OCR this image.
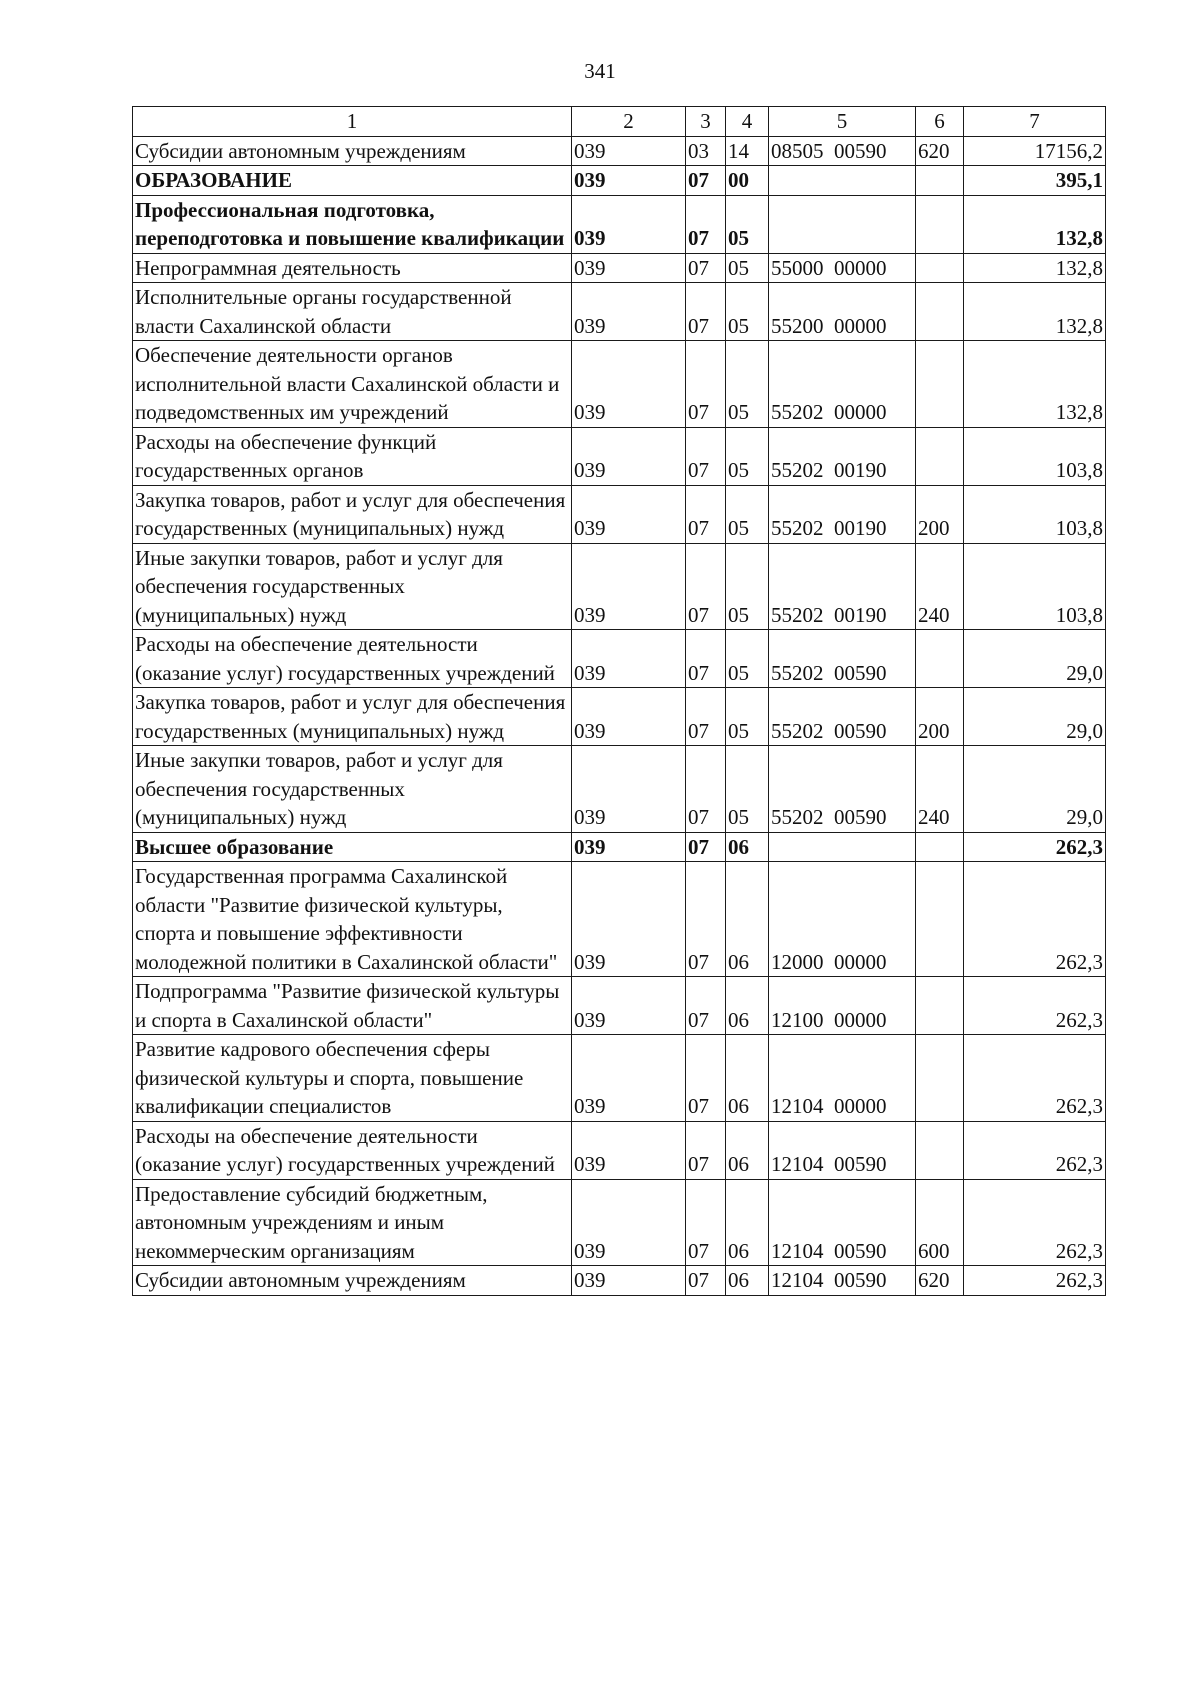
341
1	2	3	4	5	6	7
Субсидии автономным учреждениям	039	03	14	08505  00590	620	17156,2
ОБРАЗОВАНИЕ	039	07	00			395,1
Профессиональная подготовка, переподготовка и повышение квалификации	039	07	05			132,8
Непрограммная деятельность	039	07	05	55000  00000		132,8
Исполнительные органы государственной власти Сахалинской области	039	07	05	55200  00000		132,8
Обеспечение деятельности органов исполнительной власти Сахалинской области и подведомственных им учреждений	039	07	05	55202  00000		132,8
Расходы на обеспечение функций государственных органов	039	07	05	55202  00190		103,8
Закупка товаров, работ и услуг для обеспечения государственных (муниципальных) нужд	039	07	05	55202  00190	200	103,8
Иные закупки товаров, работ и услуг для обеспечения государственных (муниципальных) нужд	039	07	05	55202  00190	240	103,8
Расходы на обеспечение деятельности (оказание услуг) государственных учреждений	039	07	05	55202  00590		29,0
Закупка товаров, работ и услуг для обеспечения государственных (муниципальных) нужд	039	07	05	55202  00590	200	29,0
Иные закупки товаров, работ и услуг для обеспечения государственных (муниципальных) нужд	039	07	05	55202  00590	240	29,0
Высшее образование	039	07	06			262,3
Государственная программа Сахалинской области "Развитие физической культуры, спорта и повышение эффективности молодежной политики в Сахалинской области"	039	07	06	12000  00000		262,3
Подпрограмма "Развитие физической культуры и спорта в Сахалинской области"	039	07	06	12100  00000		262,3
Развитие кадрового обеспечения сферы физической культуры и спорта, повышение квалификации специалистов	039	07	06	12104  00000		262,3
Расходы на обеспечение деятельности (оказание услуг) государственных учреждений	039	07	06	12104  00590		262,3
Предоставление субсидий бюджетным, автономным учреждениям и иным некоммерческим организациям	039	07	06	12104  00590	600	262,3
Субсидии автономным учреждениям	039	07	06	12104  00590	620	262,3
